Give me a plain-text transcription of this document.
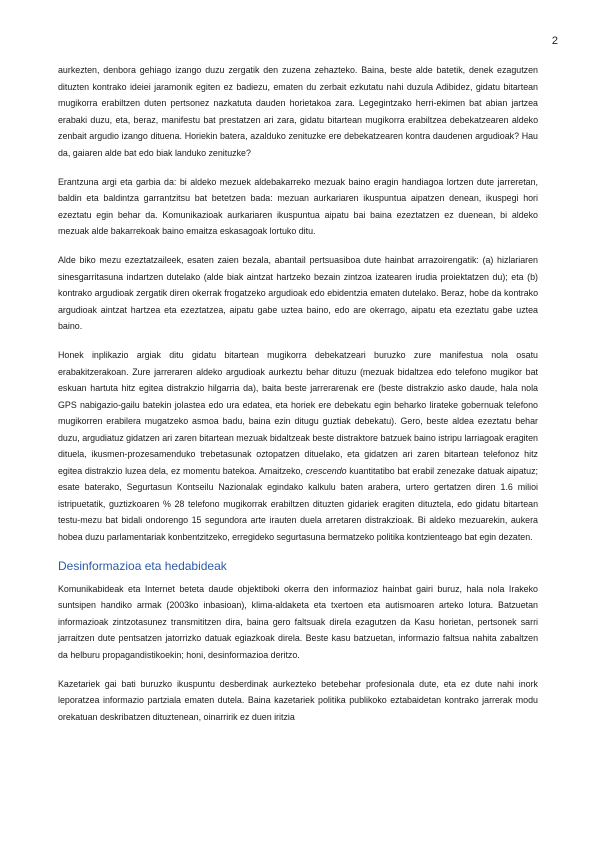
2

aurkezten, denbora gehiago izango duzu zergatik den zuzena zehazteko. Baina, beste alde batetik, denek ezagutzen dituzten kontrako ideiei jaramonik egiten ez badiezu, ematen du zerbait ezkutatu nahi duzula Adibidez, gidatu bitartean mugikorra erabiltzen duten pertsonez nazkatuta dauden horietakoa zara. Legegintzako herri-ekimen bat abian jartzea erabaki duzu, eta, beraz, manifestu bat prestatzen ari zara, gidatu bitartean mugikorra erabiltzea debekatzearen aldeko zenbait argudio izango dituena. Horiekin batera, azalduko zenituzke ere debekatzearen kontra daudenen argudioak? Hau da, gaiaren alde bat edo biak landuko zenituzke?

Erantzuna argi eta garbia da: bi aldeko mezuek aldebakarreko mezuak baino eragin handiagoa lortzen dute jarreretan, baldin eta baldintza garrantzitsu bat betetzen bada: mezuan aurkariaren ikuspuntua aipatzen denean, ikuspegi hori ezeztatu egin behar da. Komunikazioak aurkariaren ikuspuntua aipatu bai baina ezeztatzen ez duenean, bi aldeko mezuak alde bakarrekoak baino emaitza eskasagoak lortuko ditu.

Alde biko mezu ezeztatzaileek, esaten zaien bezala, abantail pertsuasiboa dute hainbat arrazoirengatik: (a) hizlariaren sinesgarritasuna indartzen dutelako (alde biak aintzat hartzeko bezain zintzoa izatearen irudia proiektatzen du); eta (b) kontrako argudioak zergatik diren okerrak frogatzeko argudioak edo ebidentzia ematen dutelako. Beraz, hobe da kontrako argudioak aintzat hartzea eta ezeztatzea, aipatu gabe uztea baino, edo are okerrago, aipatu eta ezeztatu gabe uztea baino.

Honek inplikazio argiak ditu gidatu bitartean mugikorra debekatzeari buruzko zure manifestua nola osatu erabakitzerakoan. Zure jarreraren aldeko argudioak aurkeztu behar dituzu (mezuak bidaltzea edo telefono mugikor bat eskuan hartuta hitz egitea distrakzio hilgarria da), baita beste jarrerarenak ere (beste distrakzio asko daude, hala nola GPS nabigazio-gailu batekin jolastea edo ura edatea, eta horiek ere debekatu egin beharko lirateke gobernuak telefono mugikorren erabilera mugatzeko asmoa badu, baina ezin ditugu guztiak debekatu). Gero, beste aldea ezeztatu behar duzu, argudiatuz gidatzen ari zaren bitartean mezuak bidaltzeak beste distraktore batzuek baino istripu larriagoak eragiten dituela, ikusmen-prozesamenduko trebetasunak oztopatzen dituelako, eta gidatzen ari zaren bitartean telefonoz hitz egitea distrakzio luzea dela, ez momentu batekoa. Amaitzeko, crescendo kuantitatibo bat erabil zenezake datuak aipatuz; esate baterako, Segurtasun Kontseilu Nazionalak egindako kalkulu baten arabera, urtero gertatzen diren 1.6 milioi istripuetatik, guztizkoaren % 28 telefono mugikorrak erabiltzen dituzten gidariek eragiten dituztela, edo gidatu bitartean testu-mezu bat bidali ondorengo 15 segundora arte irauten duela arretaren distrakzioak. Bi aldeko mezuarekin, aukera hobea duzu parlamentariak konbentzitzeko, erregideko segurtasuna bermatzeko politika kontzienteago bat egin dezaten.

Desinformazioa eta hedabideak

Komunikabideak eta Internet beteta daude objektiboki okerra den informazioz hainbat gairi buruz, hala nola Irakeko suntsipen handiko armak (2003ko inbasioan), klima-aldaketa eta txertoen eta autismoaren arteko lotura. Batzuetan informazioak zintzotasunez transmititzen dira, baina gero faltsuak direla ezagutzen da Kasu horietan, pertsonek sarri jarraitzen dute pentsatzen jatorrizko datuak egiazkoak direla. Beste kasu batzuetan, informazio faltsua nahita zabaltzen da helburu propagandistikoekin; honi, desinformazioa deritzo.

Kazetariek gai bati buruzko ikuspuntu desberdinak aurkezteko betebehar profesionala dute, eta ez dute nahi inork leporatzea informazio partziala ematen dutela. Baina kazetariek politika publikoko eztabaidetan kontrako jarrerak modu orekatuan deskribatzen dituztenean, oinarririk ez duen iritzia
